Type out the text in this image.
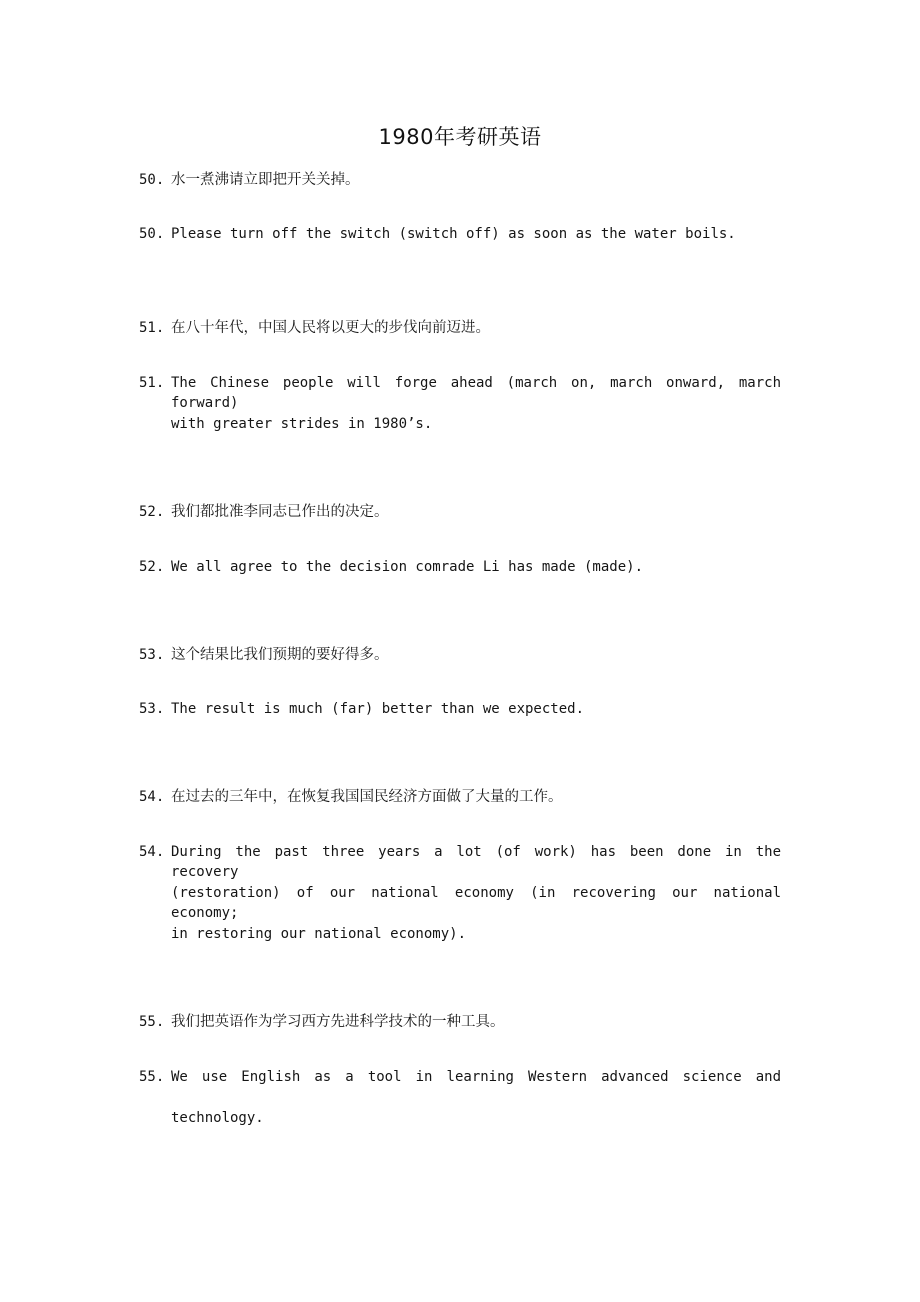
1980年考研英语
50. 水一煮沸请立即把开关关掉。
50. Please turn off the switch (switch off) as soon as the water boils.
51. 在八十年代，中国人民将以更大的步伐向前迈进。
51. The Chinese people will forge ahead (march on, march onward, march forward)
with greater strides in 1980’s.
52. 我们都批准李同志已作出的决定。
52. We all agree to the decision comrade Li has made (made).
53. 这个结果比我们预期的要好得多。
53. The result is much (far) better than we expected.
54. 在过去的三年中，在恢复我国国民经济方面做了大量的工作。
54. During the past three years a lot (of work) has been done in the recovery
(restoration) of our national economy (in recovering our national economy;
in restoring our national economy).
55. 我们把英语作为学习西方先进科学技术的一种工具。
55. We use English as a tool in learning Western advanced science and
technology.
